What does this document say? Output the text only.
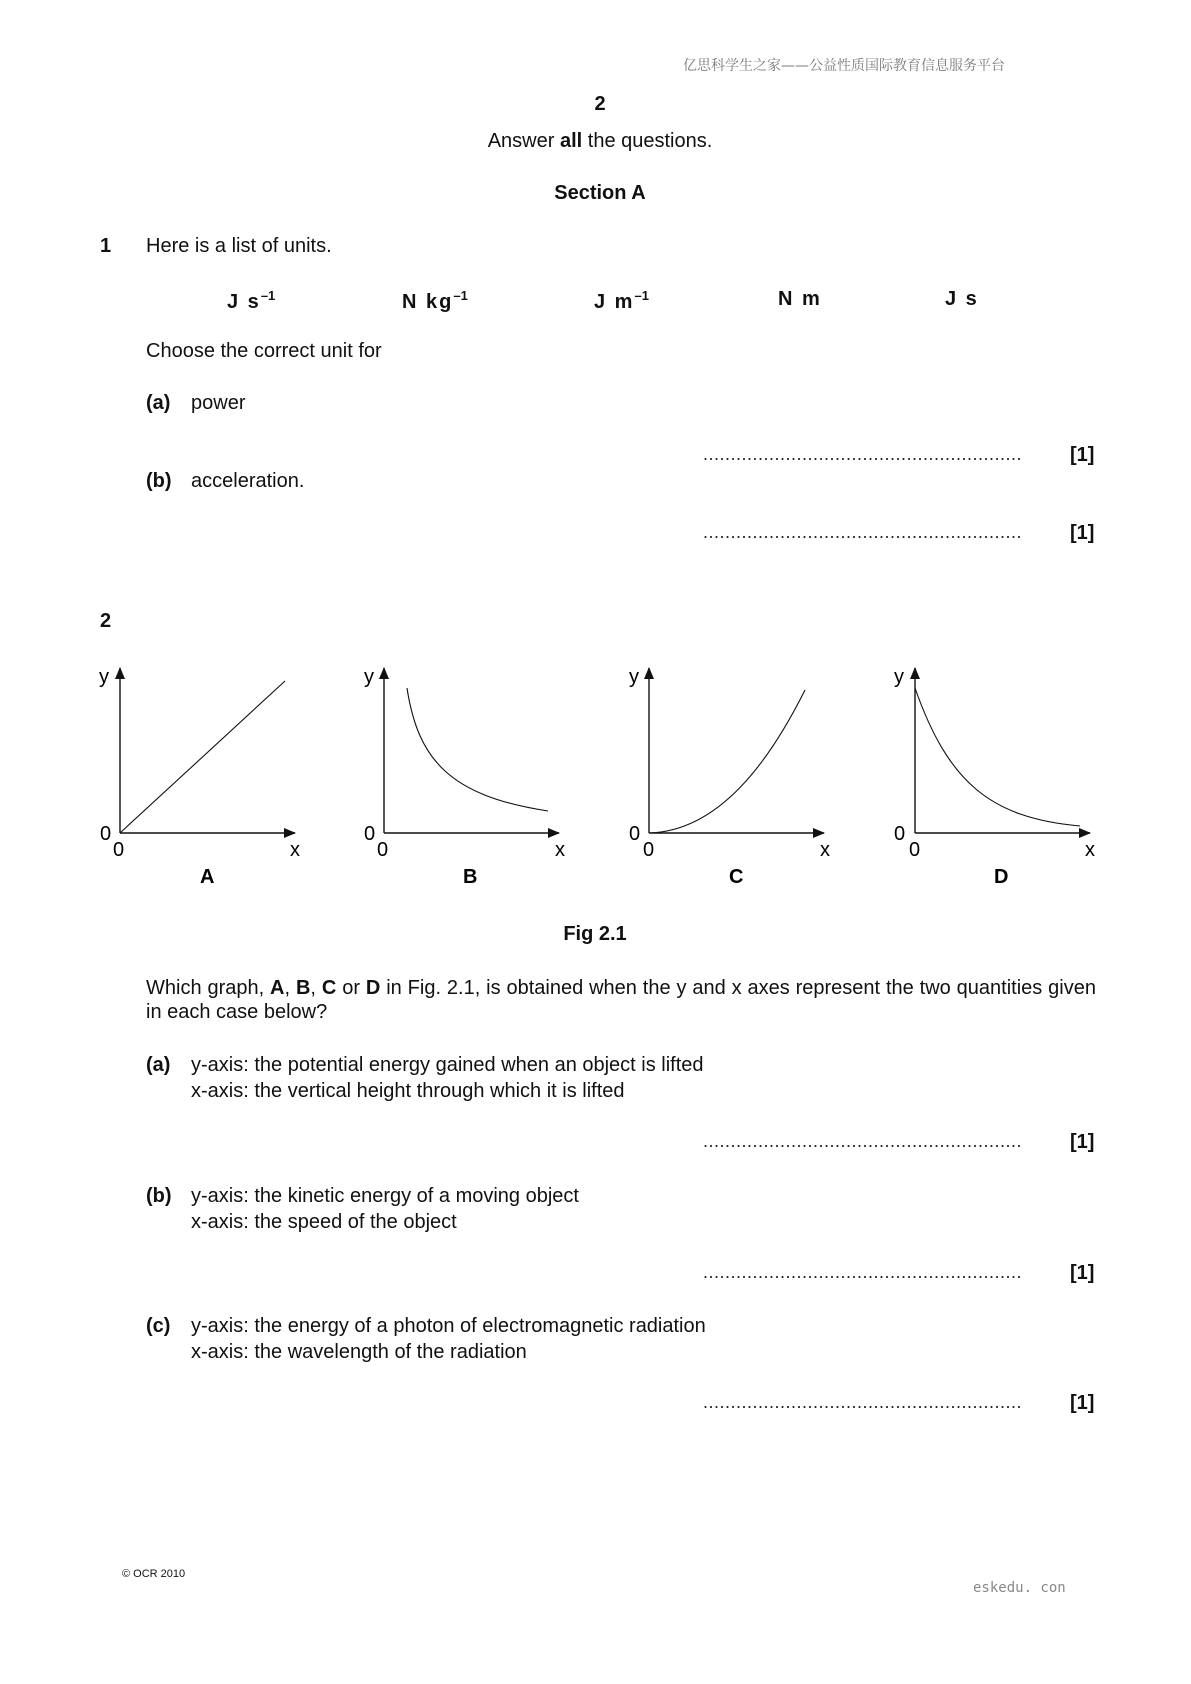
亿思科学生之家——公益性质国际教育信息服务平台
2
Answer all the questions.
Section A
1 Here is a list of units.
J $s^{-1}$	N $kg^{-1}$	J $m^{-1}$	N m	J s
Choose the correct unit for
(a) power
..........................................................	[1]
(b) acceleration.
..........................................................	[1]
2
y
x
0
0
A
y
x
0
0
B
y
x
0
0
C
y
x
0
0
D
Fig 2.1
Which graph, A, B, C or D in Fig. 2.1, is obtained when the y and x axes represent the two quantities given in each case below?
(a) y-axis: the potential energy gained when an object is lifted
x-axis: the vertical height through which it is lifted
..........................................................	[1]
(b) y-axis: the kinetic energy of a moving object
x-axis: the speed of the object
..........................................................	[1]
(c) y-axis: the energy of a photon of electromagnetic radiation
x-axis: the wavelength of the radiation
..........................................................	[1]
© OCR 2010
eskedu. con
